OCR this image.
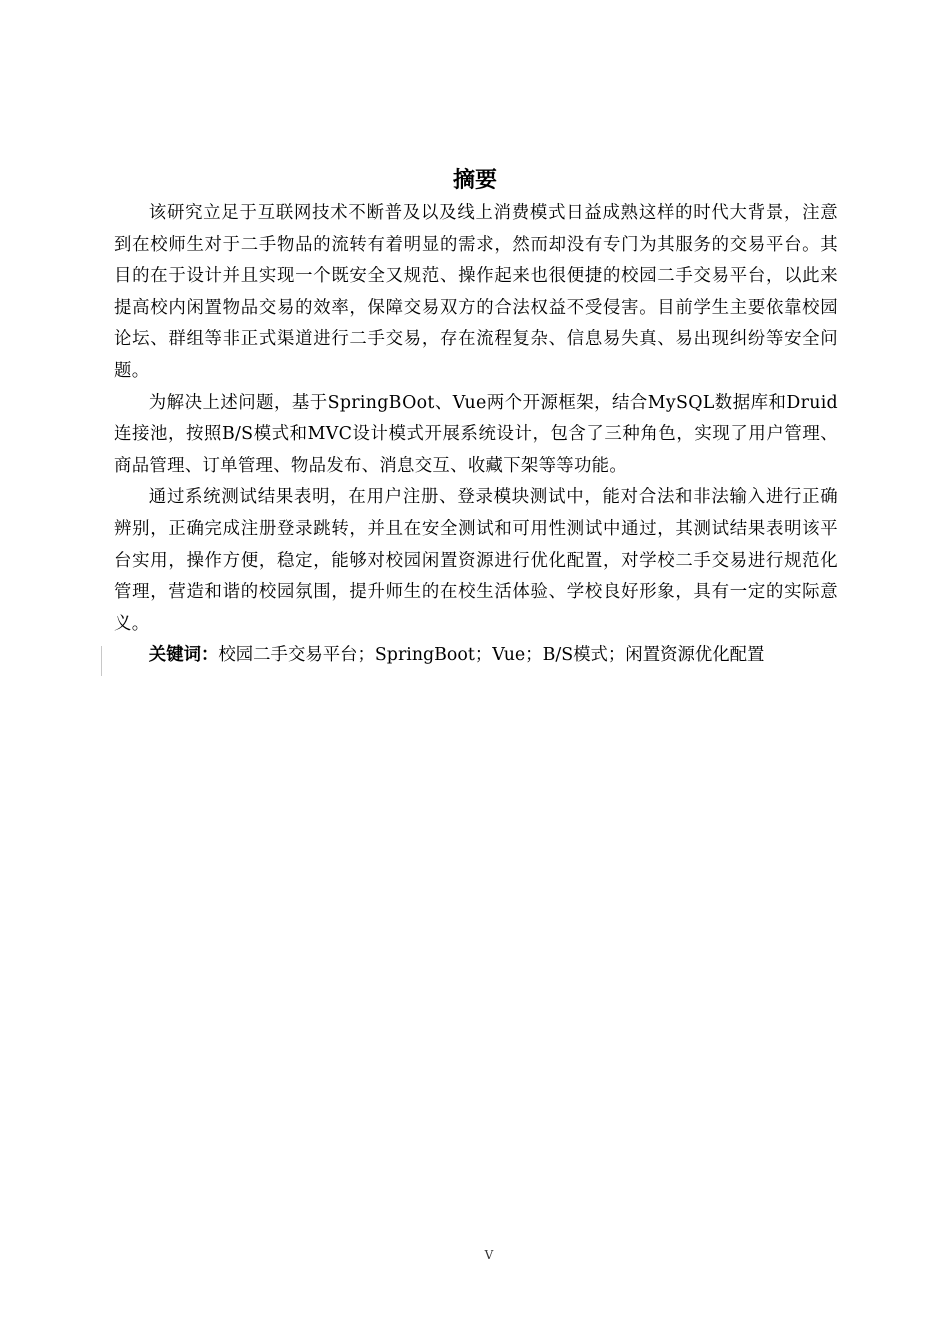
摘要

该研究立足于互联网技术不断普及以及线上消费模式日益成熟这样的时代大背景，注意到在校师生对于二手物品的流转有着明显的需求，然而却没有专门为其服务的交易平台。其目的在于设计并且实现一个既安全又规范、操作起来也很便捷的校园二手交易平台，以此来提高校内闲置物品交易的效率，保障交易双方的合法权益不受侵害。目前学生主要依靠校园论坛、群组等非正式渠道进行二手交易，存在流程复杂、信息易失真、易出现纠纷等安全问题。

为解决上述问题，基于SpringBOot、Vue两个开源框架，结合MySQL数据库和Druid连接池，按照B/S模式和MVC设计模式开展系统设计，包含了三种角色，实现了用户管理、商品管理、订单管理、物品发布、消息交互、收藏下架等等功能。

通过系统测试结果表明，在用户注册、登录模块测试中，能对合法和非法输入进行正确辨别，正确完成注册登录跳转，并且在安全测试和可用性测试中通过，其测试结果表明该平台实用，操作方便，稳定，能够对校园闲置资源进行优化配置，对学校二手交易进行规范化管理，营造和谐的校园氛围，提升师生的在校生活体验、学校良好形象，具有一定的实际意义。

关键词：校园二手交易平台；SpringBoot；Vue；B/S模式；闲置资源优化配置

V
